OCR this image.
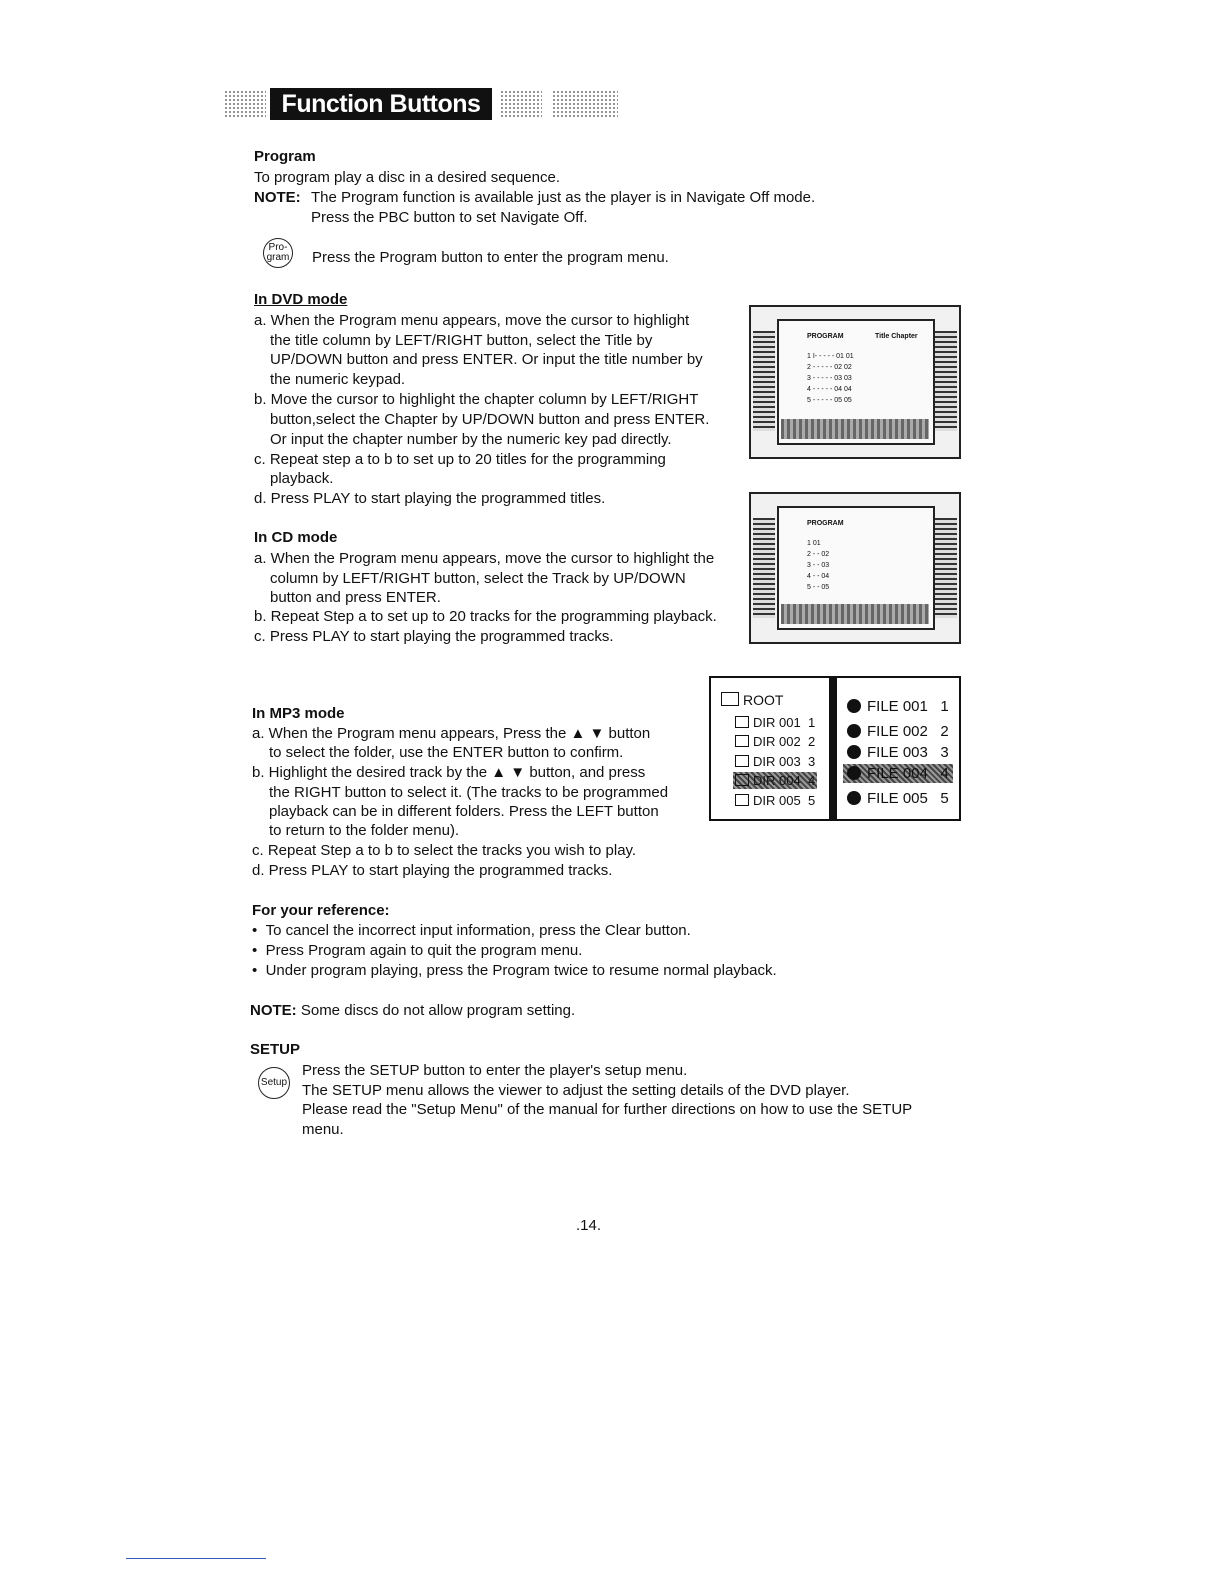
Function Buttons
Program
To program play a disc in a desired sequence.
NOTE: The Program function is available just as the player is in Navigate Off mode.
Press the PBC button to set Navigate Off.
Pro-
gram Press the Program button to enter the program menu.
In DVD mode
a. When the Program menu appears, move the cursor to highlight
the title column by LEFT/RIGHT button, select the Title by
UP/DOWN button and press ENTER. Or input the title number by
the numeric keypad.
b. Move the cursor to highlight the chapter column by LEFT/RIGHT
button,select the Chapter by UP/DOWN button and press ENTER.
Or input the chapter number by the numeric key pad directly.
c. Repeat step a to b to set up to 20 titles for the programming
playback.
d. Press PLAY to start playing the programmed titles.
PROGRAM	Title Chapter
1 I- - - - - 01 01
2 - - - - - 02 02
3 - - - - - 03 03
4 - - - - - 04 04
5 - - - - - 05 05
In CD mode
a. When the Program menu appears, move the cursor to highlight the
column by LEFT/RIGHT button, select the Track by UP/DOWN
button and press ENTER.
b. Repeat Step a to set up to 20 tracks for the programming playback.
c. Press PLAY to start playing the programmed tracks.
PROGRAM
1 01
2 - - 02
3 - - 03
4 - - 04
5 - - 05
In MP3 mode
a. When the Program menu appears, Press the ▲ ▼ button
to select the folder, use the ENTER button to confirm.
b. Highlight the desired track by the ▲ ▼ button, and press
the RIGHT button to select it. (The tracks to be programmed
playback can be in different folders. Press the LEFT button
to return to the folder menu).
c. Repeat Step a to b to select the tracks you wish to play.
d. Press PLAY to start playing the programmed tracks.
ROOT
DIR 001 1
DIR 002 2
DIR 003 3
DIR 004 4
DIR 005 5
FILE 001 1
FILE 002 2
FILE 003 3
FILE 004 4
FILE 005 5
For your reference:
•  To cancel the incorrect input information, press the Clear button.
•  Press Program again to quit the program menu.
•  Under program playing, press the Program twice to resume normal playback.
NOTE: Some discs do not allow program setting.
SETUP
Setup
Press the SETUP button to enter the player's setup menu.
The SETUP menu allows the viewer to adjust the setting details of the DVD player.
Please read the "Setup Menu" of the manual for further directions on how to use the SETUP
menu.
.14.
